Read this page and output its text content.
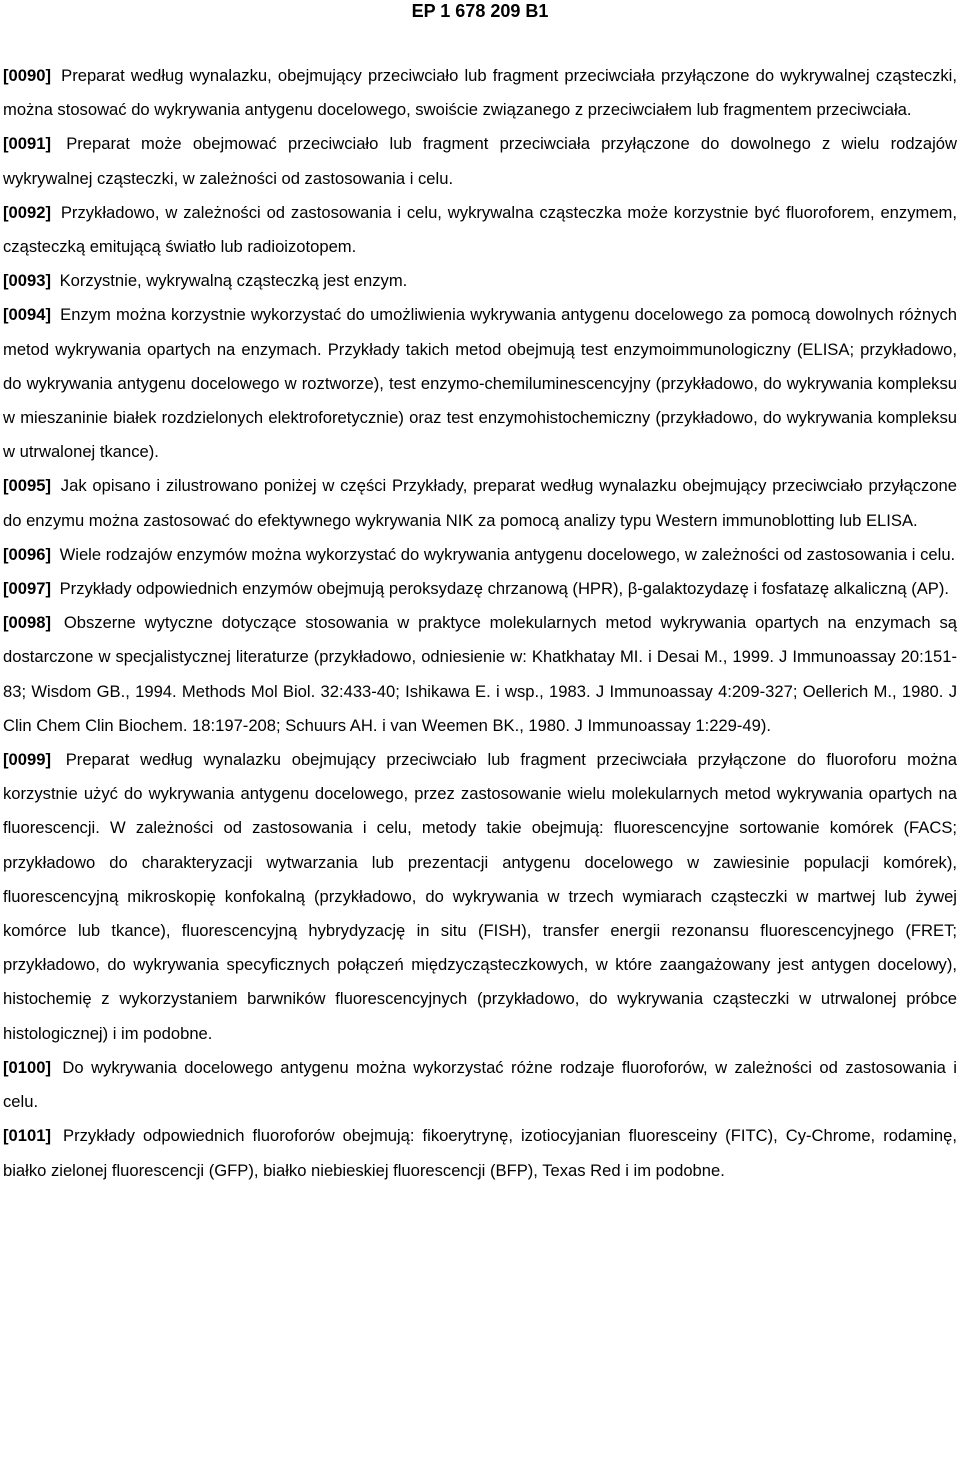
EP 1 678 209 B1

[0090] Preparat według wynalazku, obejmujący przeciwciało lub fragment przeciwciała przyłączone do wykrywalnej cząsteczki, można stosować do wykrywania antygenu docelowego, swoiście związanego z przeciwciałem lub fragmentem przeciwciała.

[0091] Preparat może obejmować przeciwciało lub fragment przeciwciała przyłączone do dowolnego z wielu rodzajów wykrywalnej cząsteczki, w zależności od zastosowania i celu.

[0092] Przykładowo, w zależności od zastosowania i celu, wykrywalna cząsteczka może korzystnie być fluoroforem, enzymem, cząsteczką emitującą światło lub radioizotopem.

[0093] Korzystnie, wykrywalną cząsteczką jest enzym.

[0094] Enzym można korzystnie wykorzystać do umożliwienia wykrywania antygenu docelowego za pomocą dowolnych różnych metod wykrywania opartych na enzymach. Przykłady takich metod obejmują test enzymoimmunologiczny (ELISA; przykładowo, do wykrywania antygenu docelowego w roztworze), test enzymo-chemiluminescencyjny (przykładowo, do wykrywania kompleksu w mieszaninie białek rozdzielonych elektroforetycznie) oraz test enzymohistochemiczny (przykładowo, do wykrywania kompleksu w utrwalonej tkance).

[0095] Jak opisano i zilustrowano poniżej w części Przykłady, preparat według wynalazku obejmujący przeciwciało przyłączone do enzymu można zastosować do efektywnego wykrywania NIK za pomocą analizy typu Western immunoblotting lub ELISA.

[0096] Wiele rodzajów enzymów można wykorzystać do wykrywania antygenu docelowego, w zależności od zastosowania i celu.

[0097] Przykłady odpowiednich enzymów obejmują peroksydazę chrzanową (HPR), β-galaktozydazę i fosfatazę alkaliczną (AP).

[0098] Obszerne wytyczne dotyczące stosowania w praktyce molekularnych metod wykrywania opartych na enzymach są dostarczone w specjalistycznej literaturze (przykładowo, odniesienie w: Khatkhatay MI. i Desai M., 1999. J Immunoassay 20:151-83; Wisdom GB., 1994. Methods Mol Biol. 32:433-40; Ishikawa E. i wsp., 1983. J Immunoassay 4:209-327; Oellerich M., 1980. J Clin Chem Clin Biochem. 18:197-208; Schuurs AH. i van Weemen BK., 1980. J Immunoassay 1:229-49).

[0099] Preparat według wynalazku obejmujący przeciwciało lub fragment przeciwciała przyłączone do fluoroforu można korzystnie użyć do wykrywania antygenu docelowego, przez zastosowanie wielu molekularnych metod wykrywania opartych na fluorescencji. W zależności od zastosowania i celu, metody takie obejmują: fluorescencyjne sortowanie komórek (FACS; przykładowo do charakteryzacji wytwarzania lub prezentacji antygenu docelowego w zawiesinie populacji komórek), fluorescencyjną mikroskopię konfokalną (przykładowo, do wykrywania w trzech wymiarach cząsteczki w martwej lub żywej komórce lub tkance), fluorescencyjną hybrydyzację in situ (FISH), transfer energii rezonansu fluorescencyjnego (FRET; przykładowo, do wykrywania specyficznych połączeń międzycząsteczkowych, w które zaangażowany jest antygen docelowy), histochemię z wykorzystaniem barwników fluorescencyjnych (przykładowo, do wykrywania cząsteczki w utrwalonej próbce histologicznej) i im podobne.

[0100] Do wykrywania docelowego antygenu można wykorzystać różne rodzaje fluoroforów, w zależności od zastosowania i celu.

[0101] Przykłady odpowiednich fluoroforów obejmują: fikoerytrynę, izotiocyjanian fluoresceiny (FITC), Cy-Chrome, rodaminę, białko zielonej fluorescencji (GFP), białko niebieskiej fluorescencji (BFP), Texas Red i im podobne.
